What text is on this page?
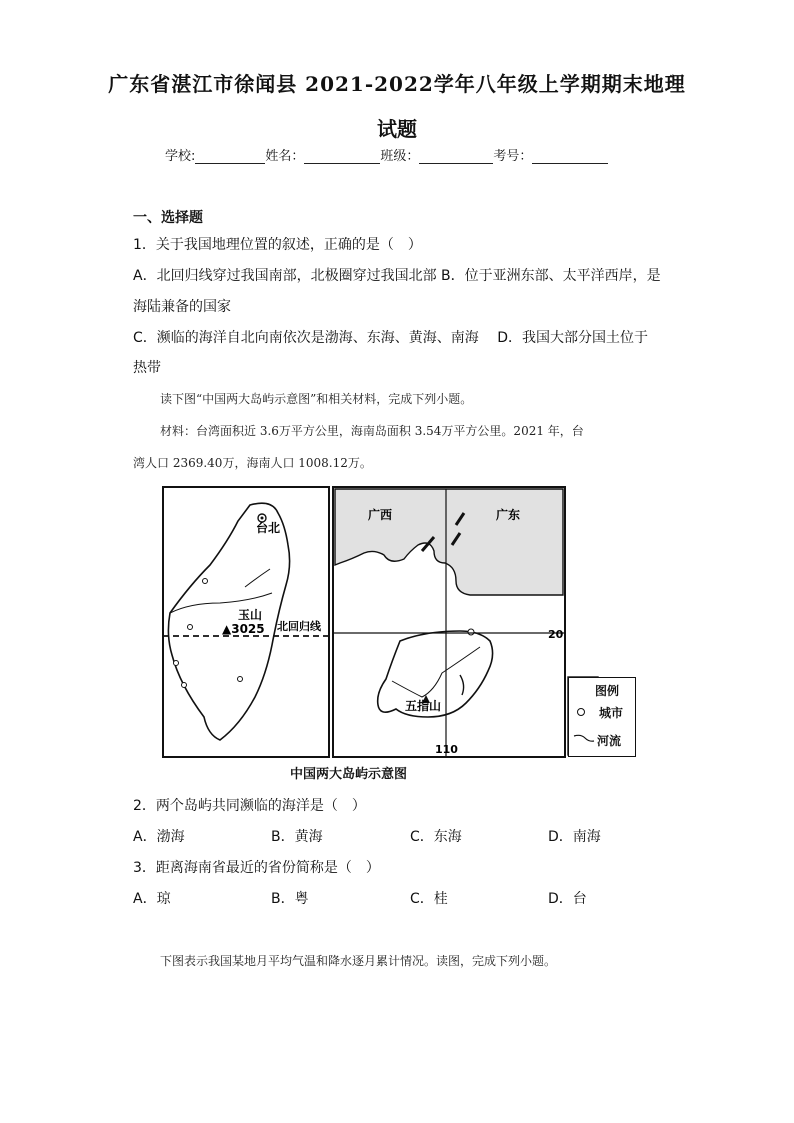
广东省湛江市徐闻县 2021-2022学年八年级上学期期末地理
试题
学校:	姓名：	班级：	考号：
一、选择题
1．关于我国地理位置的叙述，正确的是（　）
A．北回归线穿过我国南部，北极圈穿过我国北部 B．位于亚洲东部、太平洋西岸，是
海陆兼备的国家
C．濒临的海洋自北向南依次是渤海、东海、黄海、南海　 D．我国大部分国土位于
热带
读下图“中国两大岛屿示意图”和相关材料，完成下列小题。
材料：台湾面积近 3.6万平方公里，海南岛面积 3.54万平方公里。2021 年，台
湾人口 2369.40万，海南人口 1008.12万。
台北
玉山
▲3025 北回归线
广西	广东
20
110
五指山
图例
城市
河流
中国两大岛屿示意图
2．两个岛屿共同濒临的海洋是（　）
A．渤海	B．黄海	C．东海	D．南海
3．距离海南省最近的省份简称是（　）
A．琼	B．粤	C．桂	D．台
下图表示我国某地月平均气温和降水逐月累计情况。读图，完成下列小题。
